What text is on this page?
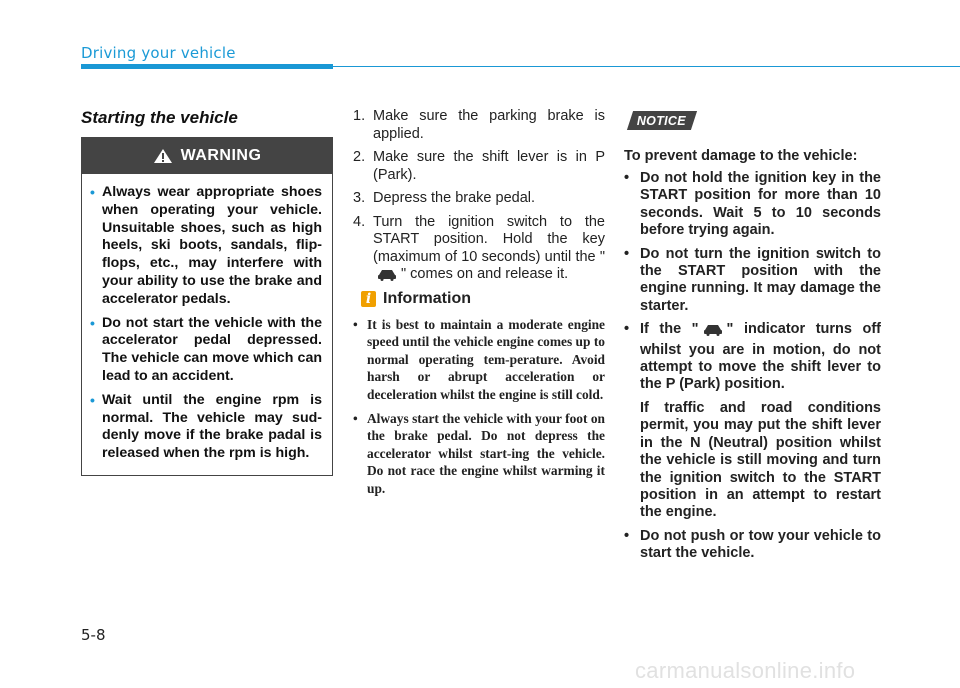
Driving your vehicle
Starting the vehicle
WARNING
• Always wear appropriate shoes when operating your vehicle. Unsuitable shoes, such as high heels, ski boots, sandals, flip-flops, etc., may interfere with your ability to use the brake and accelerator pedals.
• Do not start the vehicle with the accelerator pedal depressed. The vehicle can move which can lead to an accident.
• Wait until the engine rpm is normal. The vehicle may sud-denly move if the brake padal is released when the rpm is high.
1. Make sure the parking brake is applied.
2. Make sure the shift lever is in P (Park).
3. Depress the brake pedal.
4. Turn the ignition switch to the START position. Hold the key (maximum of 10 seconds) until the "" comes on and release it.
i Information
• It is best to maintain a moderate engine speed until the vehicle engine comes up to normal operating tem-perature. Avoid harsh or abrupt acceleration or deceleration whilst the engine is still cold.
• Always start the vehicle with your foot on the brake pedal. Do not depress the accelerator whilst start-ing the vehicle. Do not race the engine whilst warming it up.
NOTICE
To prevent damage to the vehicle:
• Do not hold the ignition key in the START position for more than 10 seconds. Wait 5 to 10 seconds before trying again.
• Do not turn the ignition switch to the START position with the engine running. It may damage the starter.
• If the " " indicator turns off whilst you are in motion, do not attempt to move the shift lever to the P (Park) position.
If traffic and road conditions permit, you may put the shift lever in the N (Neutral) position whilst the vehicle is still moving and turn the ignition switch to the START position in an attempt to restart the engine.
• Do not push or tow your vehicle to start the vehicle.
5-8
carmanualsonline.info
